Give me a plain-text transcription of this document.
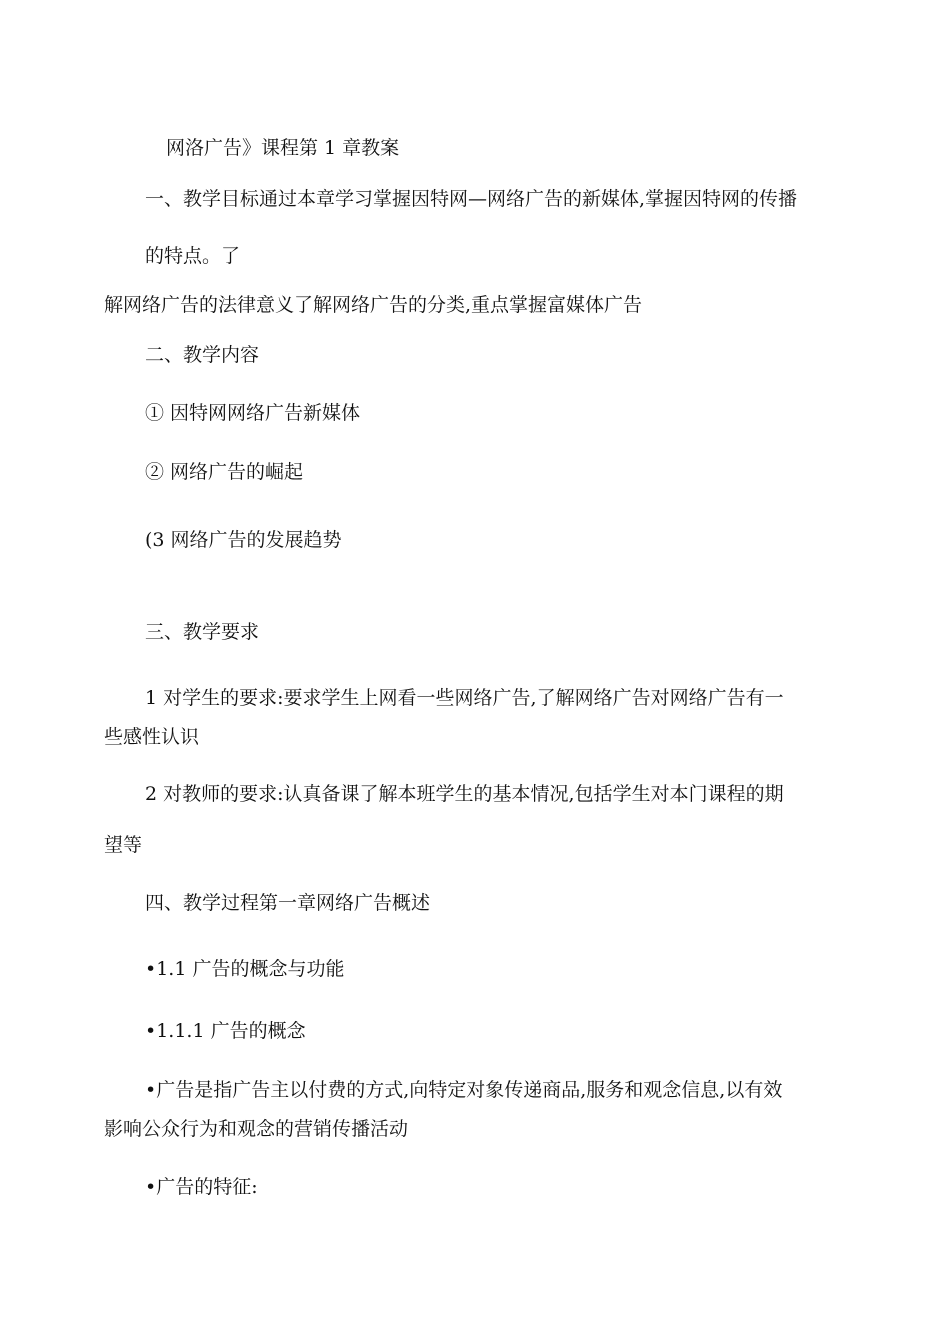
网洛广告》课程第 1 章教案
一、教学目标通过本章学习掌握因特网—网络广告的新媒体,掌握因特网的传播
的特点。了
解网络广告的法律意义了解网络广告的分类,重点掌握富媒体广告
二、教学内容
① 因特网网络广告新媒体
② 网络广告的崛起
(3 网络广告的发展趋势
三、教学要求
1 对学生的要求:要求学生上网看一些网络广告,了解网络广告对网络广告有一
些感性认识
2 对教师的要求:认真备课了解本班学生的基本情况,包括学生对本门课程的期
望等
四、教学过程第一章网络广告概述
•1.1 广告的概念与功能
•1.1.1 广告的概念
•广告是指广告主以付费的方式,向特定对象传递商品,服务和观念信息,以有效
影响公众行为和观念的营销传播活动
•广告的特征:
